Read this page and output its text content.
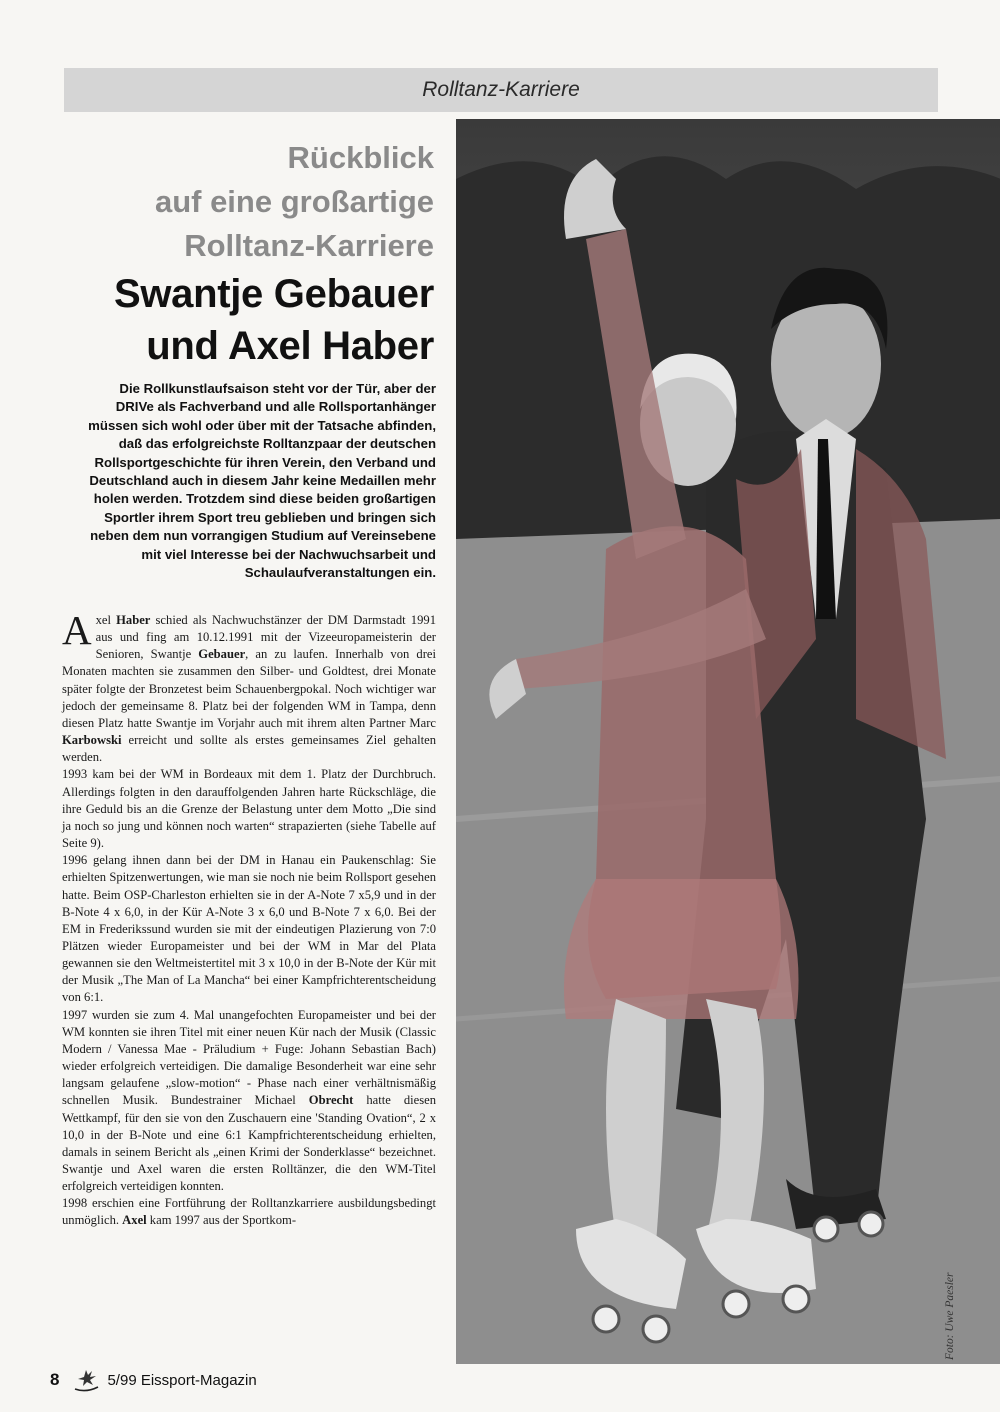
Rolltanz-Karriere
Rückblick
auf eine großartige
Rolltanz-Karriere
Swantje Gebauer
und Axel Haber
Die Rollkunstlaufsaison steht vor der Tür, aber der DRIVe als Fachverband und alle Rollsportanhänger müssen sich wohl oder über mit der Tatsache abfinden, daß das erfolgreichste Rolltanzpaar der deutschen Rollsportgeschichte für ihren Verein, den Verband und Deutschland auch in diesem Jahr keine Medaillen mehr holen werden. Trotzdem sind diese beiden großartigen Sportler ihrem Sport treu geblieben und bringen sich neben dem nun vorrangigen Studium auf Vereinsebene mit viel Interesse bei der Nachwuchsarbeit und Schaulaufveranstaltungen ein.

Axel Haber schied als Nachwuchstänzer der DM Darmstadt 1991 aus und fing am 10.12.1991 mit der Vizeeuropameisterin der Senioren, Swantje Gebauer, an zu laufen. Innerhalb von drei Monaten machten sie zusammen den Silber- und Goldtest, drei Monate später folgte der Bronzetest beim Schauenbergpokal. Noch wichtiger war jedoch der gemeinsame 8. Platz bei der folgenden WM in Tampa, denn diesen Platz hatte Swantje im Vorjahr auch mit ihrem alten Partner Marc Karbowski erreicht und sollte als erstes gemeinsames Ziel gehalten werden.

1993 kam bei der WM in Bordeaux mit dem 1. Platz der Durchbruch. Allerdings folgten in den darauffolgenden Jahren harte Rückschläge, die ihre Geduld bis an die Grenze der Belastung unter dem Motto „Die sind ja noch so jung und können noch warten“ strapazierten (siehe Tabelle auf Seite 9).

1996 gelang ihnen dann bei der DM in Hanau ein Paukenschlag: Sie erhielten Spitzenwertungen, wie man sie noch nie beim Rollsport gesehen hatte. Beim OSP-Charleston erhielten sie in der A-Note 7 x5,9 und in der B-Note 4 x 6,0, in der Kür A-Note 3 x 6,0 und B-Note 7 x 6,0. Bei der EM in Frederikssund wurden sie mit der eindeutigen Plazierung von 7:0 Plätzen wieder Europameister und bei der WM in Mar del Plata gewannen sie den Weltmeistertitel mit 3 x 10,0 in der B-Note der Kür mit der Musik „The Man of La Mancha“ bei einer Kampfrichterentscheidung von 6:1.

1997 wurden sie zum 4. Mal unangefochten Europameister und bei der WM konnten sie ihren Titel mit einer neuen Kür nach der Musik (Classic Modern / Vanessa Mae - Präludium + Fuge: Johann Sebastian Bach) wieder erfolgreich verteidigen. Die damalige Besonderheit war eine sehr langsam gelaufene „slow-motion“ - Phase nach einer verhältnismäßig schnellen Musik. Bundestrainer Michael Obrecht hatte diesen Wettkampf, für den sie von den Zuschauern eine 'Standing Ovation“, 2 x 10,0 in der B-Note und eine 6:1 Kampfrichterentscheidung erhielten, damals in seinem Bericht als „einen Krimi der Sonderklasse“ bezeichnet. Swantje und Axel waren die ersten Rolltänzer, die den WM-Titel erfolgreich verteidigen konnten.

1998 erschien eine Fortführung der Rolltanzkarriere ausbildungsbedingt unmöglich. Axel kam 1997 aus der Sportkom-

Foto: Uwe Paesler
8	5/99 Eissport-Magazin
